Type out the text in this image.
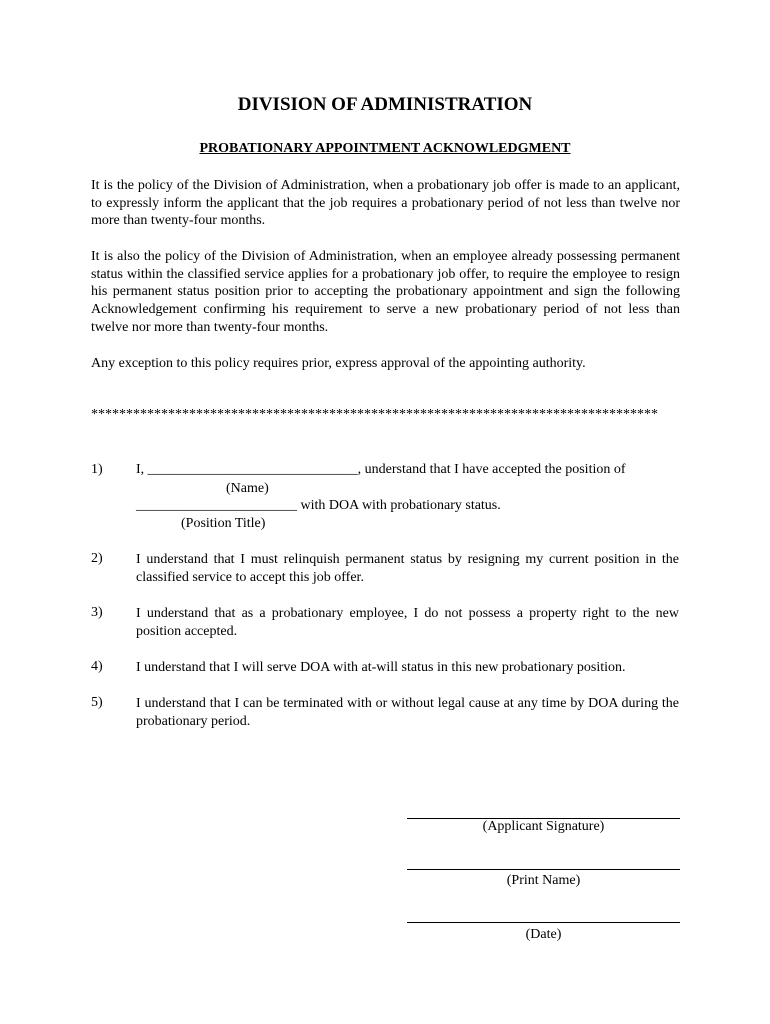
DIVISION OF ADMINISTRATION
PROBATIONARY APPOINTMENT ACKNOWLEDGMENT

It is the policy of the Division of Administration, when a probationary job offer is made to an applicant, to expressly inform the applicant that the job requires a probationary period of not less than twelve nor more than twenty-four months.

It is also the policy of the Division of Administration, when an employee already possessing permanent status within the classified service applies for a probationary job offer, to require the employee to resign his permanent status position prior to accepting the probationary appointment and sign the following Acknowledgement confirming his requirement to serve a new probationary period of not less than twelve nor more than twenty-four months.

Any exception to this policy requires prior, express approval of the appointing authority.

*********************************************************************************
1) I, ______________________________, understand that I have accepted the position of
(Name)
_______________________ with DOA with probationary status.
(Position Title)
2) I understand that I must relinquish permanent status by resigning my current position in the classified service to accept this job offer.
3) I understand that as a probationary employee, I do not possess a property right to the new position accepted.
4) I understand that I will serve DOA with at-will status in this new probationary position.
5) I understand that I can be terminated with or without legal cause at any time by DOA during the probationary period.
(Applicant Signature)
(Print Name)
(Date)
